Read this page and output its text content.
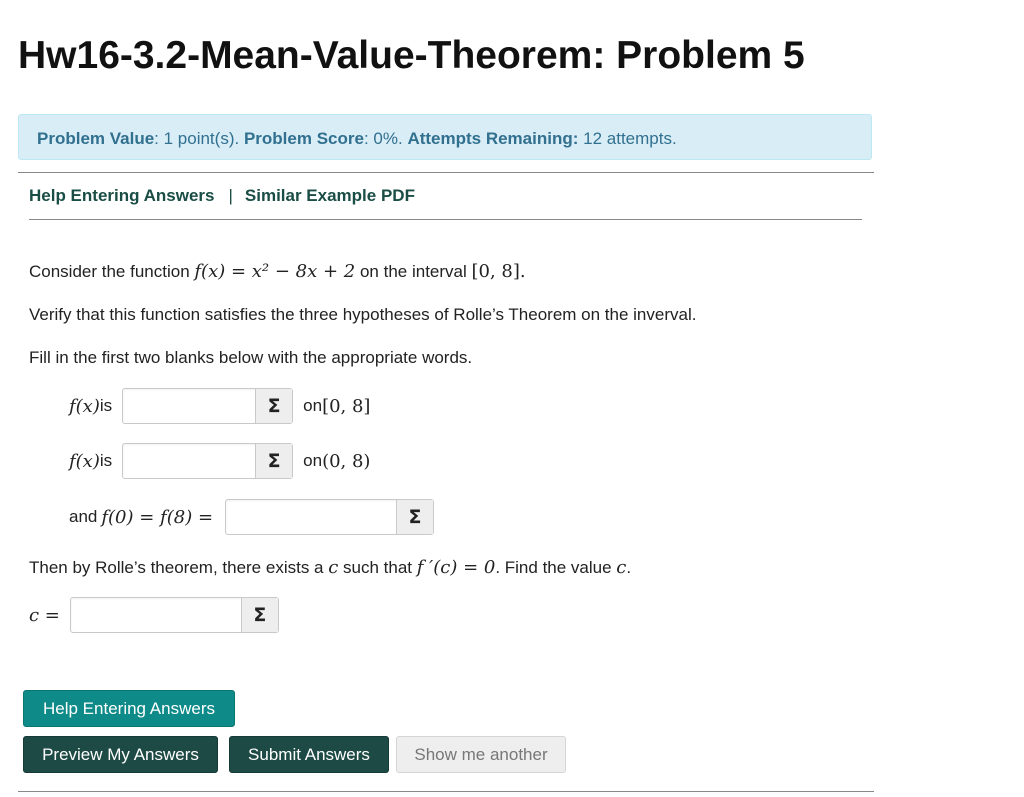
Hw16-3.2-Mean-Value-Theorem: Problem 5
Problem Value: 1 point(s). Problem Score: 0%. Attempts Remaining: 12 attempts.
Help Entering Answers | Similar Example PDF
Consider the function f(x) = x² − 8x + 2 on the interval [0, 8].
Verify that this function satisfies the three hypotheses of Rolle’s Theorem on the inverval.
Fill in the first two blanks below with the appropriate words.
f(x) is	Σ	on [0, 8]
f(x) is	Σ	on (0, 8)
and f(0) = f(8) =	Σ
Then by Rolle’s theorem, there exists a c such that f ′(c) = 0. Find the value c.
c =	Σ
Help Entering Answers
Preview My Answers	Submit Answers	Show me another
